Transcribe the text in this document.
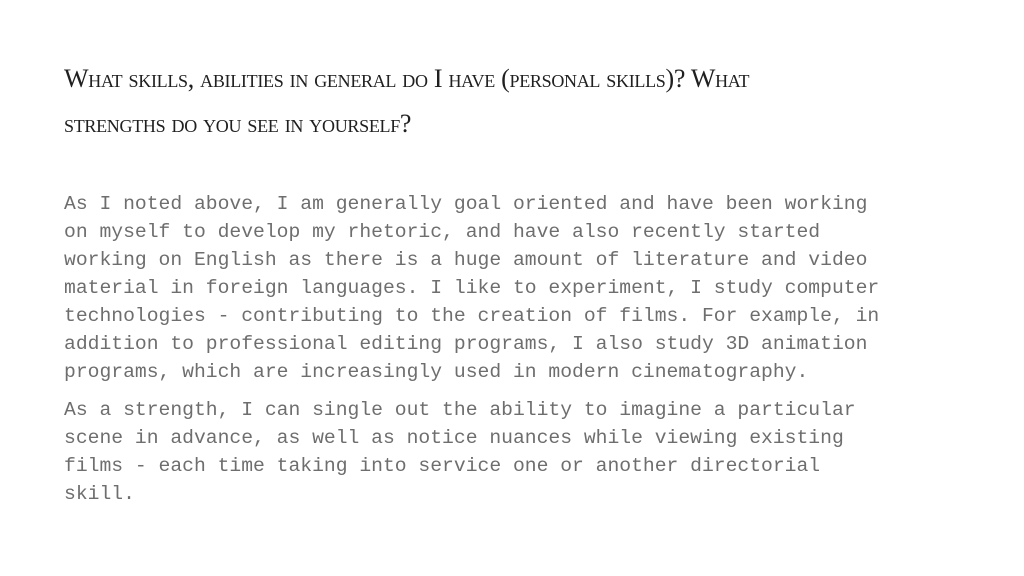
What skills, abilities in general do I have (personal skills)? What strengths do you see in yourself?

As I noted above, I am generally goal oriented and have been working on myself to develop my rhetoric, and have also recently started working on English as there is a huge amount of literature and video material in foreign languages. I like to experiment, I study computer technologies - contributing to the creation of films. For example, in addition to professional editing programs, I also study 3D animation programs, which are increasingly used in modern cinematography.

As a strength, I can single out the ability to imagine a particular scene in advance, as well as notice nuances while viewing existing films - each time taking into service one or another directorial skill.
